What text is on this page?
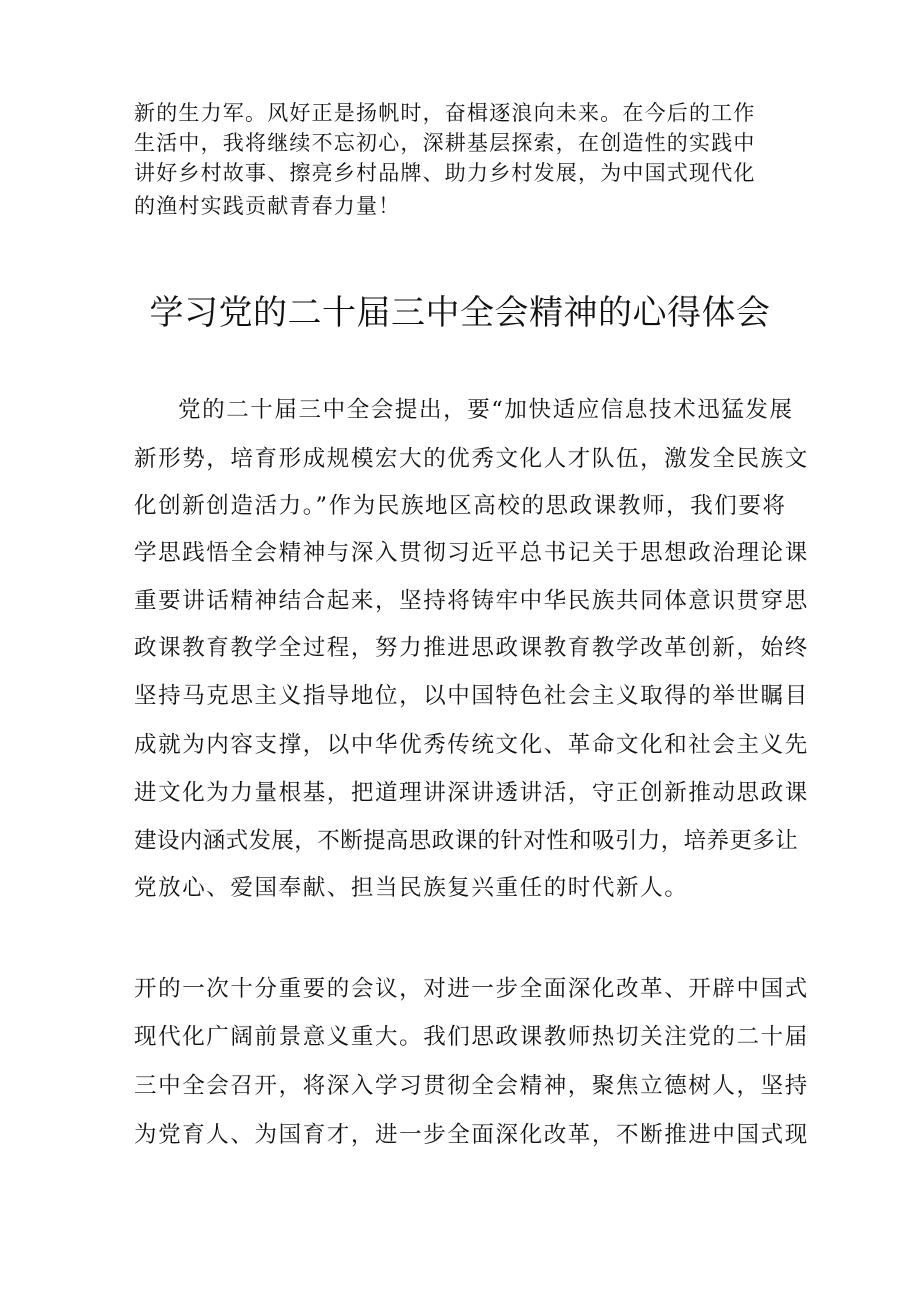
新的生力军。风好正是扬帆时，奋楫逐浪向未来。在今后的工作

生活中，我将继续不忘初心，深耕基层探索，在创造性的实践中

讲好乡村故事、擦亮乡村品牌、助力乡村发展，为中国式现代化

的渔村实践贡献青春力量！

学习党的二十届三中全会精神的心得体会

党的二十届三中全会提出，要“加快适应信息技术迅猛发展

新形势，培育形成规模宏大的优秀文化人才队伍，激发全民族文

化创新创造活力。”作为民族地区高校的思政课教师，我们要将

学思践悟全会精神与深入贯彻习近平总书记关于思想政治理论课

重要讲话精神结合起来，坚持将铸牢中华民族共同体意识贯穿思

政课教育教学全过程，努力推进思政课教育教学改革创新，始终

坚持马克思主义指导地位，以中国特色社会主义取得的举世瞩目

成就为内容支撑，以中华优秀传统文化、革命文化和社会主义先

进文化为力量根基，把道理讲深讲透讲活，守正创新推动思政课

建设内涵式发展，不断提高思政课的针对性和吸引力，培养更多让

党放心、爱国奉献、担当民族复兴重任的时代新人。

开的一次十分重要的会议，对进一步全面深化改革、开辟中国式

现代化广阔前景意义重大。我们思政课教师热切关注党的二十届

三中全会召开，将深入学习贯彻全会精神，聚焦立德树人，坚持

为党育人、为国育才，进一步全面深化改革，不断推进中国式现
